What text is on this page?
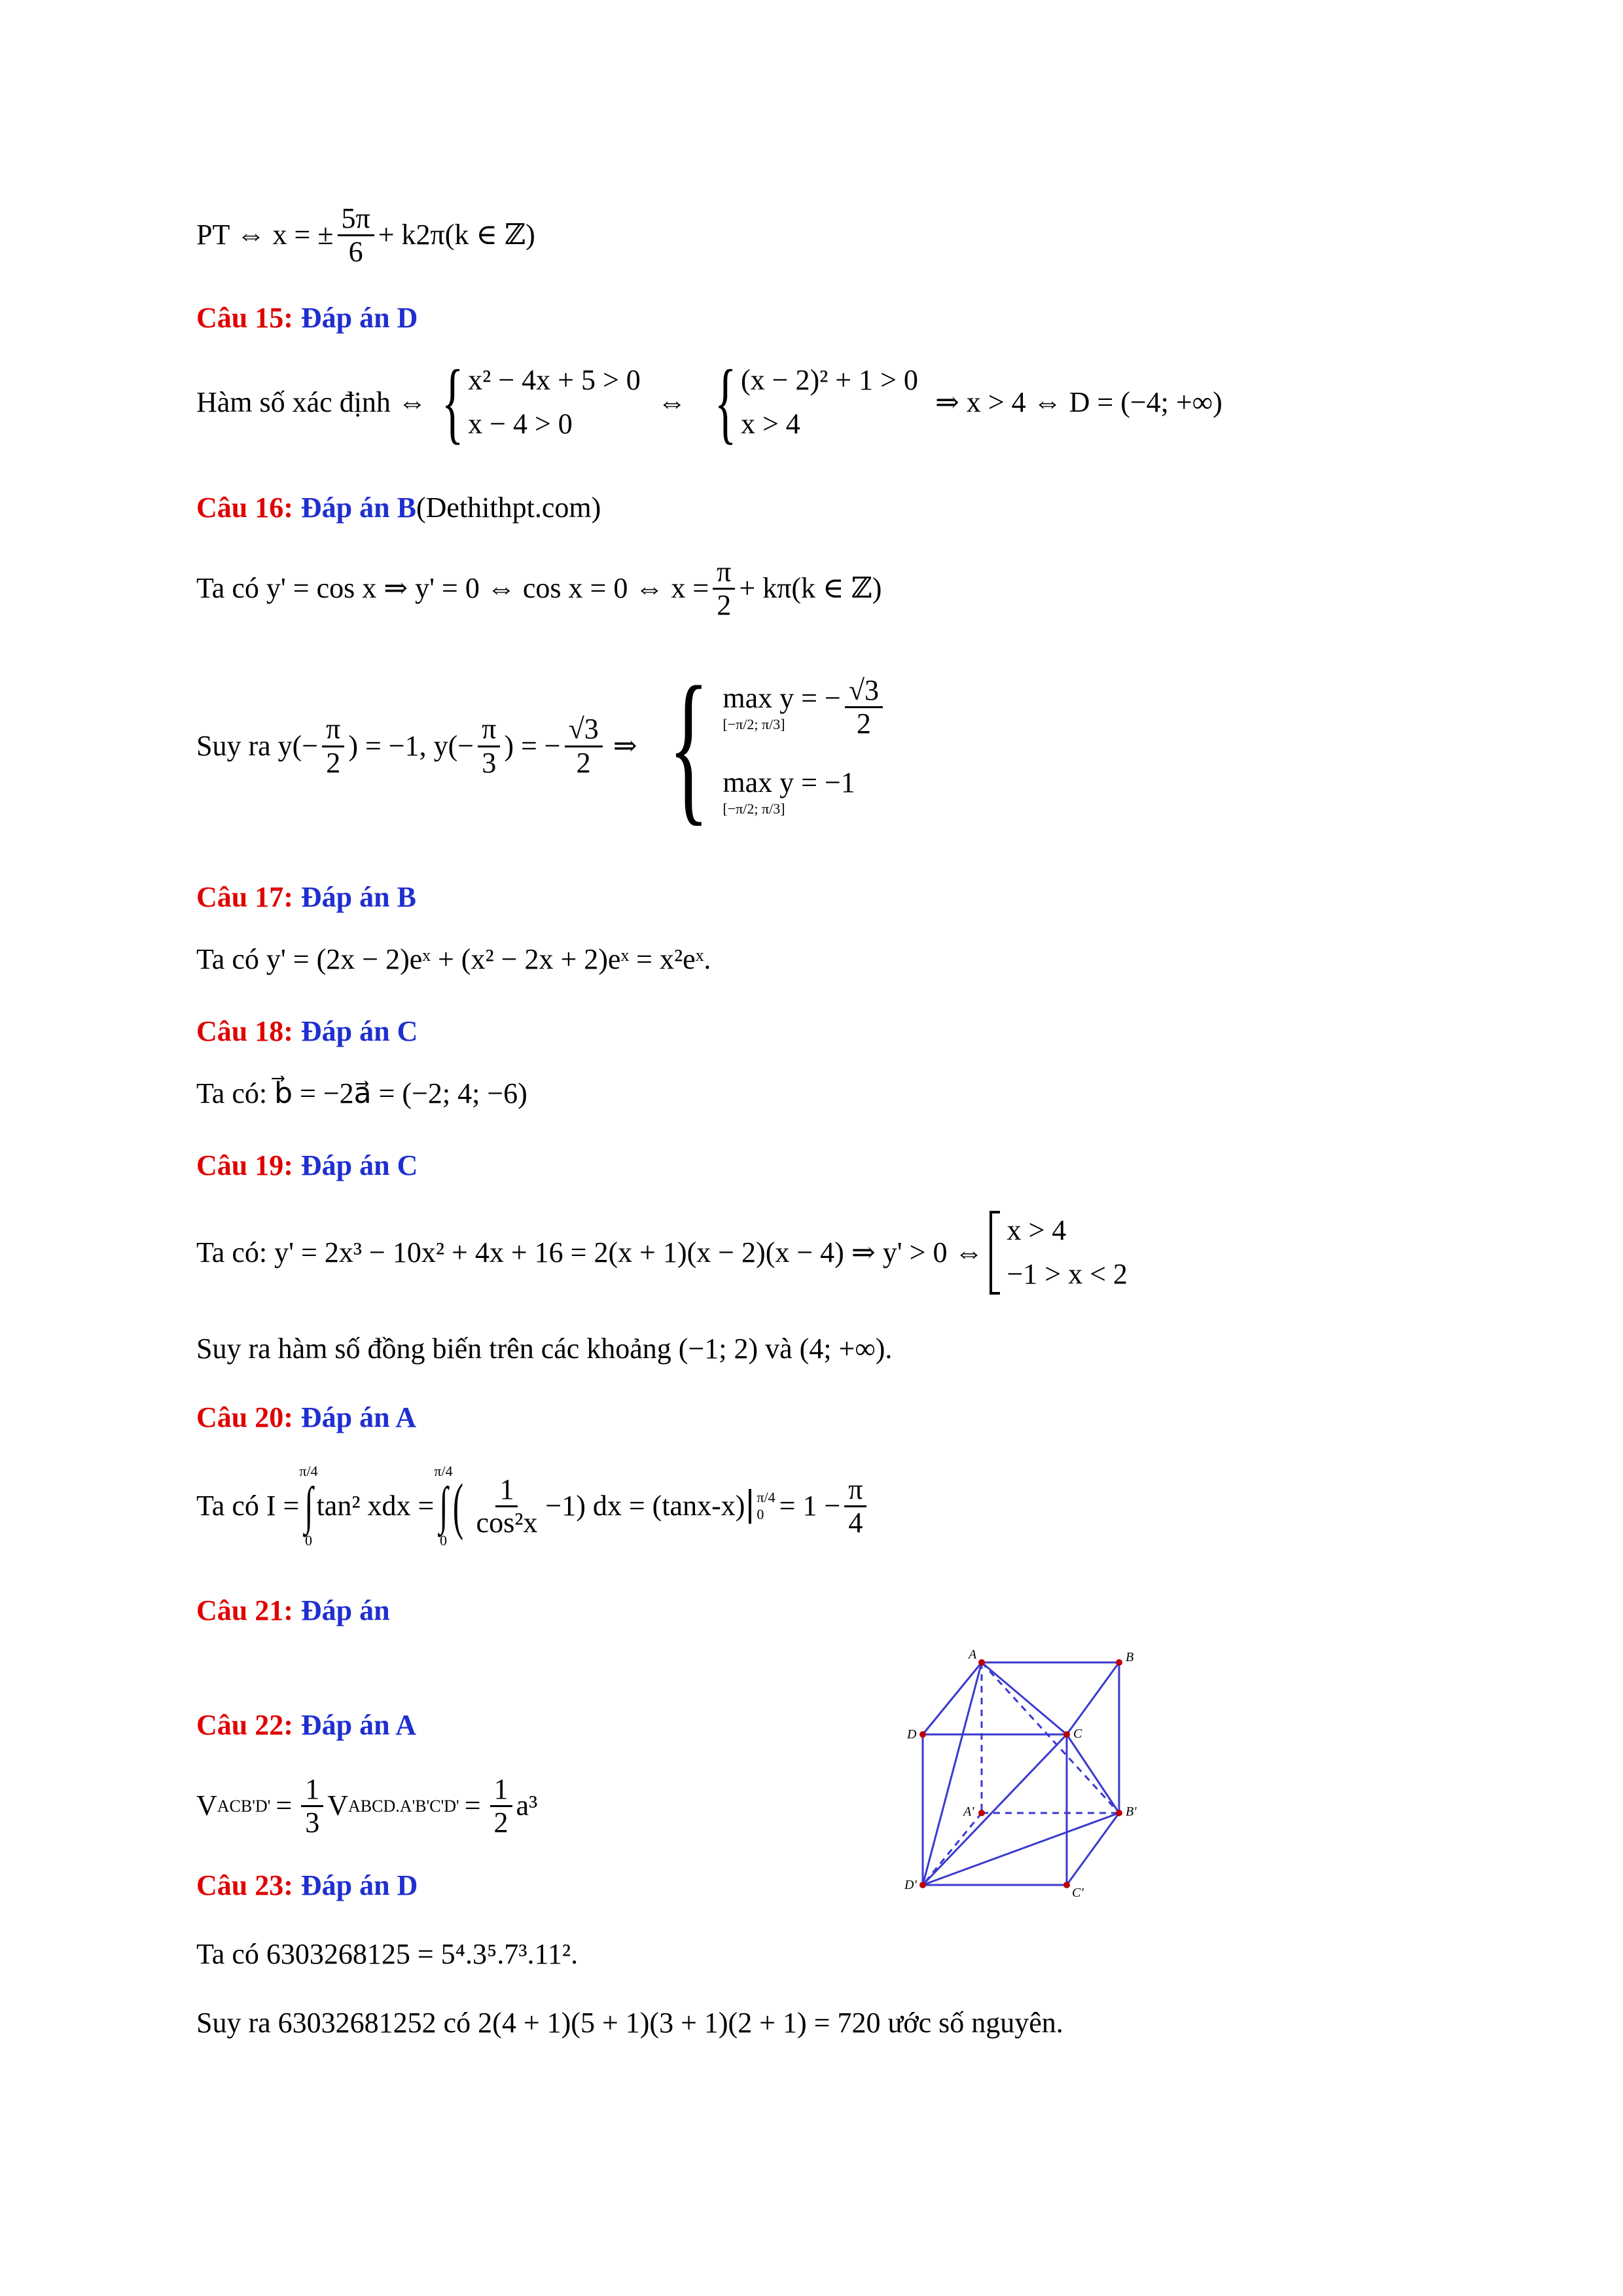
PT ⇔ x = ± $\frac{5\pi}{6} + k2\pi(k$ ∈ ℤ)
Câu 15: Đáp án D
Hàm số xác định ⇔ { x² − 4x + 5 > 0
x − 4 > 0
⇔ { (x − 2)² + 1 > 0
x > 4
⇒ x > 4 ⇔ D = (−4; +∞)
Câu 16: Đáp án B (Dethithpt.com)
Ta có y' = cos x ⇒ y' = 0 ⇔ cos x = 0 ⇔ $x = \frac{\pi}{2} + k\pi(k$ ∈ ℤ)
Suy ra $y(- \frac{\pi}{2}$ ) = −1, $y(- \frac{\pi}{3}$ ) = − $\frac{√3}{2}$ ⇒ { max y = −
[−π/2; $\pi/3] \frac{√3}{2}$
max y = −1
[−π/2; π/3]
Câu 17: Đáp án B
Ta có y' = (2x − 2)eˣ + (x² − 2x + 2)eˣ = x²eˣ.
Câu 18: Đáp án C
Ta có: b⃗ = −2a⃗ = (−2; 4; −6)
Câu 19: Đáp án C
Ta có: y' = 2x³ − 10x² + 4x + 16 = 2(x + 1)(x − 2)(x − 4) ⇒ y' > 0 ⇔
x > 4
−1 > x < 2
Suy ra hàm số đồng biến trên các khoảng (−1; 2) và (4; +∞).
Câu 20: Đáp án A
Ta có I =
π/4
∫
0
tan² xdx =
π/4
∫
0 ( $\frac{1}{\text{cos²x}} -1$) dx = (tanx-x) π/4
$0 = 1 - \frac{\pi}{4}$
Câu 21: Đáp án
Câu 22: Đáp án A
V $ACB'D' = \frac{1}{3}$ V ABCD.A'B'C'D' = $\frac{1}{2} a^3$
Câu 23: Đáp án D
Ta có 6303268125 = 5⁴.3⁵.7³.11².
Suy ra 63032681252 có 2(4 + 1)(5 + 1)(3 + 1)(2 + 1) = 720 ước số nguyên.
A	B
D	C
A'	B'
D'
C'
